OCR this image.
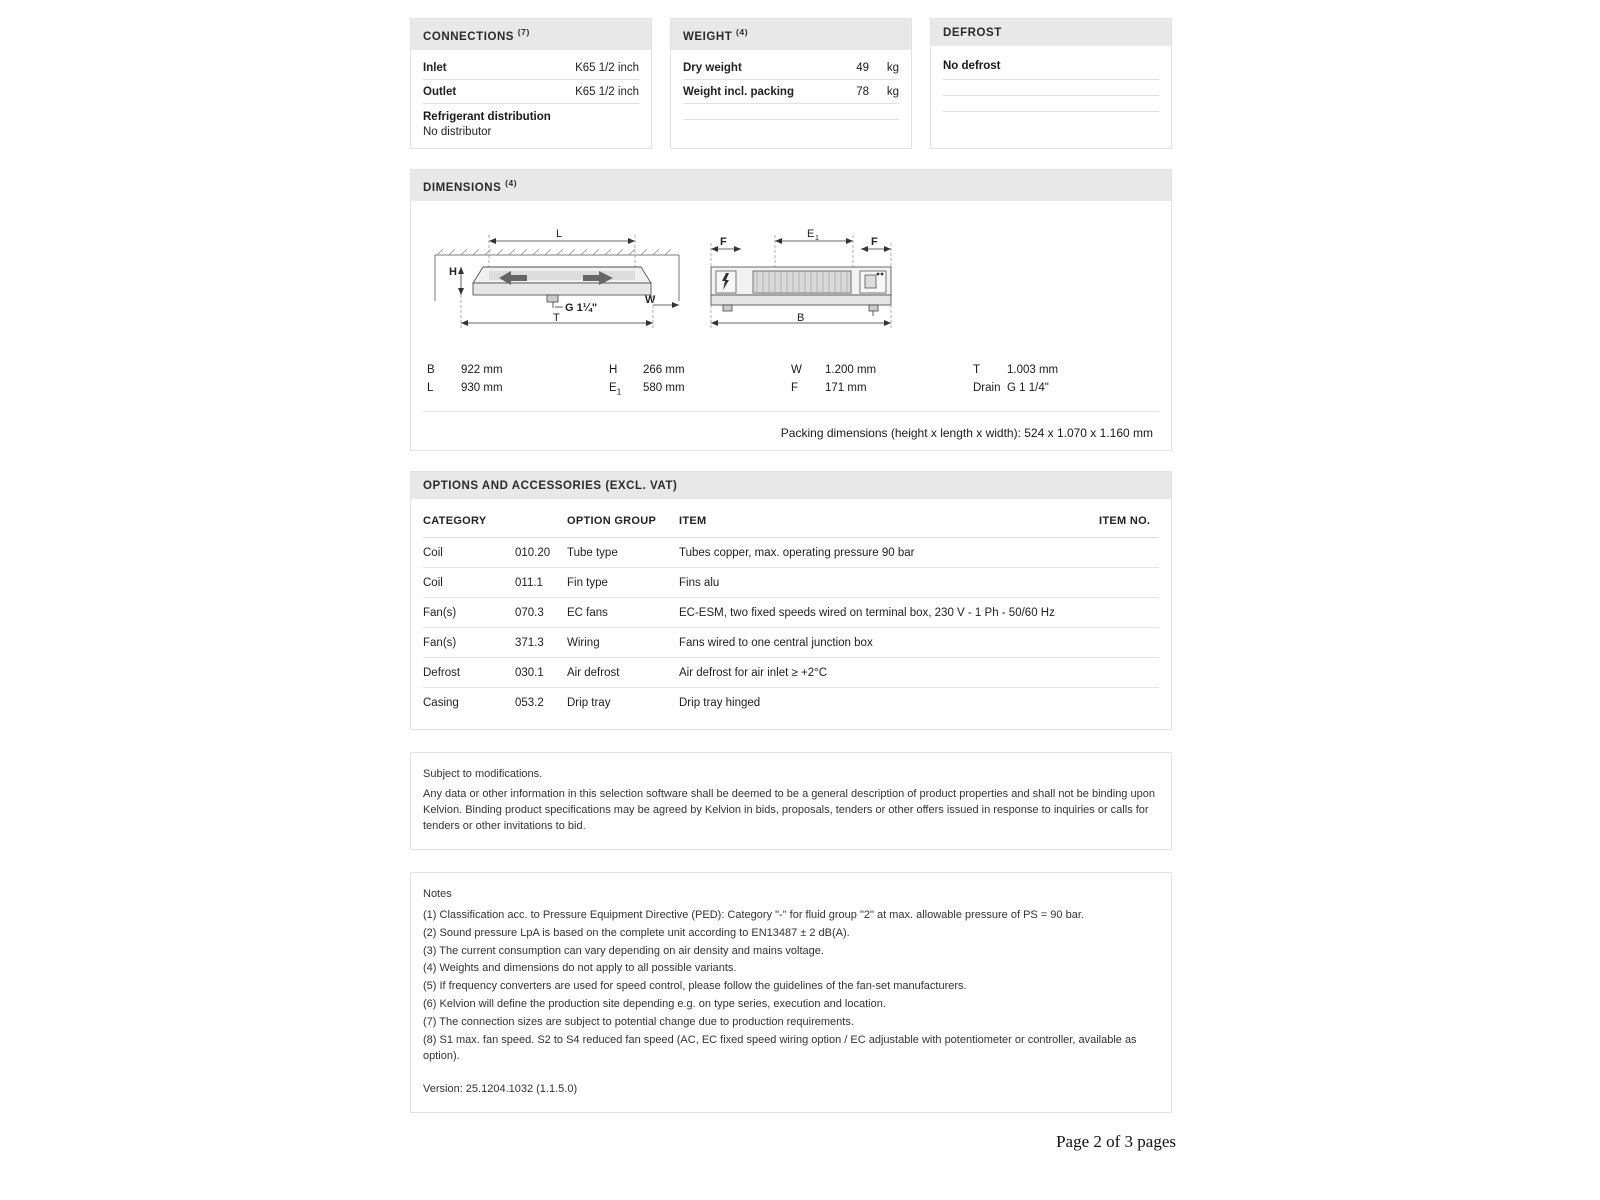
CONNECTIONS $^{(7)}$
Inlet	K65 1/2 inch
Outlet	K65 1/2 inch
Refrigerant distribution
No distributor
WEIGHT $^{(4)}$
Dry weight	49	kg
Weight incl. packing	78	kg
DEFROST
No defrost
DIMENSIONS $^{(4)}$
L
H
G 1¼"
W
T
E 1
F	F
B
B	922 mm	H	266 mm	W	1.200 mm	T	1.003 mm
L	930 mm	$E_1$	580 mm	F	171 mm	Drain G 1 1/4"
Packing dimensions (height x length x width): 524 x 1.070 x 1.160 mm
OPTIONS AND ACCESSORIES (EXCL. VAT)
CATEGORY		OPTION GROUP	ITEM	ITEM NO.
Coil	010.20	Tube type	Tubes copper, max. operating pressure 90 bar	
Coil	011.1	Fin type	Fins alu	
Fan(s)	070.3	EC fans	EC-ESM, two fixed speeds wired on terminal box, 230 V - 1 Ph - 50/60 Hz	
Fan(s)	371.3	Wiring	Fans wired to one central junction box	
Defrost	030.1	Air defrost	Air defrost for air inlet ≥ +2°C	
Casing	053.2	Drip tray	Drip tray hinged	
Subject to modifications.
Any data or other information in this selection software shall be deemed to be a general description of product properties and shall not be binding upon Kelvion. Binding product specifications may be agreed by Kelvion in bids, proposals, tenders or other offers issued in response to inquiries or calls for tenders or other invitations to bid.
Notes
(1) Classification acc. to Pressure Equipment Directive (PED): Category "-" for fluid group "2" at max. allowable pressure of PS = 90 bar.
(2) Sound pressure LpA is based on the complete unit according to EN13487 ± 2 dB(A).
(3) The current consumption can vary depending on air density and mains voltage.
(4) Weights and dimensions do not apply to all possible variants.
(5) If frequency converters are used for speed control, please follow the guidelines of the fan-set manufacturers.
(6) Kelvion will define the production site depending e.g. on type series, execution and location.
(7) The connection sizes are subject to potential change due to production requirements.
(8) S1 max. fan speed. S2 to S4 reduced fan speed (AC, EC fixed speed wiring option / EC adjustable with potentiometer or controller, available as option).
Version: 25.1204.1032 (1.1.5.0)
Page 2 of 3 pages
